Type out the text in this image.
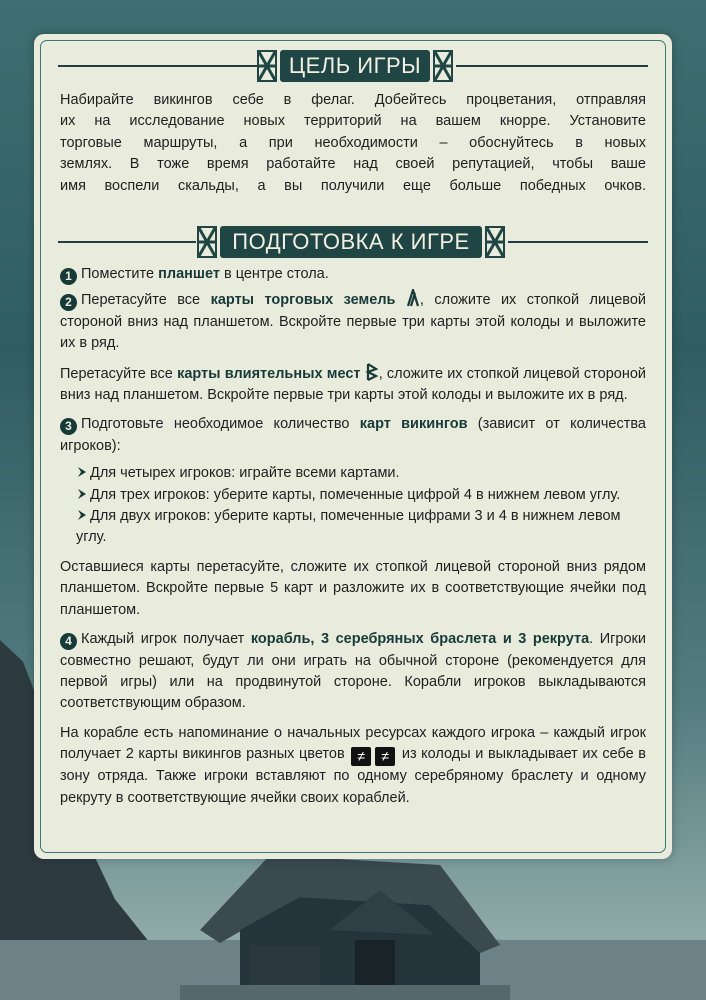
ЦЕЛЬ ИГРЫ

Набирайте викингов себе в фелаг. Добейтесь процветания, отправляя

их на исследование новых территорий на вашем кнорре. Установите

торговые маршруты, а при необходимости – обоснуйтесь в новых

землях. В тоже время работайте над своей репутацией, чтобы ваше

имя воспели скальды, а вы получили еще больше победных очков.

ПОДГОТОВКА К ИГРЕ

1 Поместите планшет в центре стола.

2 Перетасуйте все карты торговых земель , сложите их стопкой лицевой стороной вниз над планшетом. Вскройте первые три карты этой колоды и выложите их в ряд.

Перетасуйте все карты влиятельных мест , сложите их стопкой лицевой стороной вниз над планшетом. Вскройте первые три карты этой колоды и выложите их в ряд.

3 Подготовьте необходимое количество карт викингов (зависит от количества игроков):

Для четырех игроков: играйте всеми картами.

Для трех игроков: уберите карты, помеченные цифрой 4 в нижнем левом углу.

Для двух игроков: уберите карты, помеченные цифрами 3 и 4 в нижнем левом углу.

Оставшиеся карты перетасуйте, сложите их стопкой лицевой стороной вниз рядом планшетом. Вскройте первые 5 карт и разложите их в соответствующие ячейки под планшетом.

4 Каждый игрок получает корабль, 3 серебряных браслета и 3 рекрута. Игроки совместно решают, будут ли они играть на обычной стороне (рекомендуется для первой игры) или на продвинутой стороне. Корабли игроков выкладываются соответствующим образом.

На корабле есть напоминание о начальных ресурсах каждого игрока – каждый игрок получает 2 карты викингов разных цветов ≠ ≠ из колоды и выкладывает их себе в зону отряда. Также игроки вставляют по одному серебряному браслету и одному рекруту в соответствующие ячейки своих кораблей.
